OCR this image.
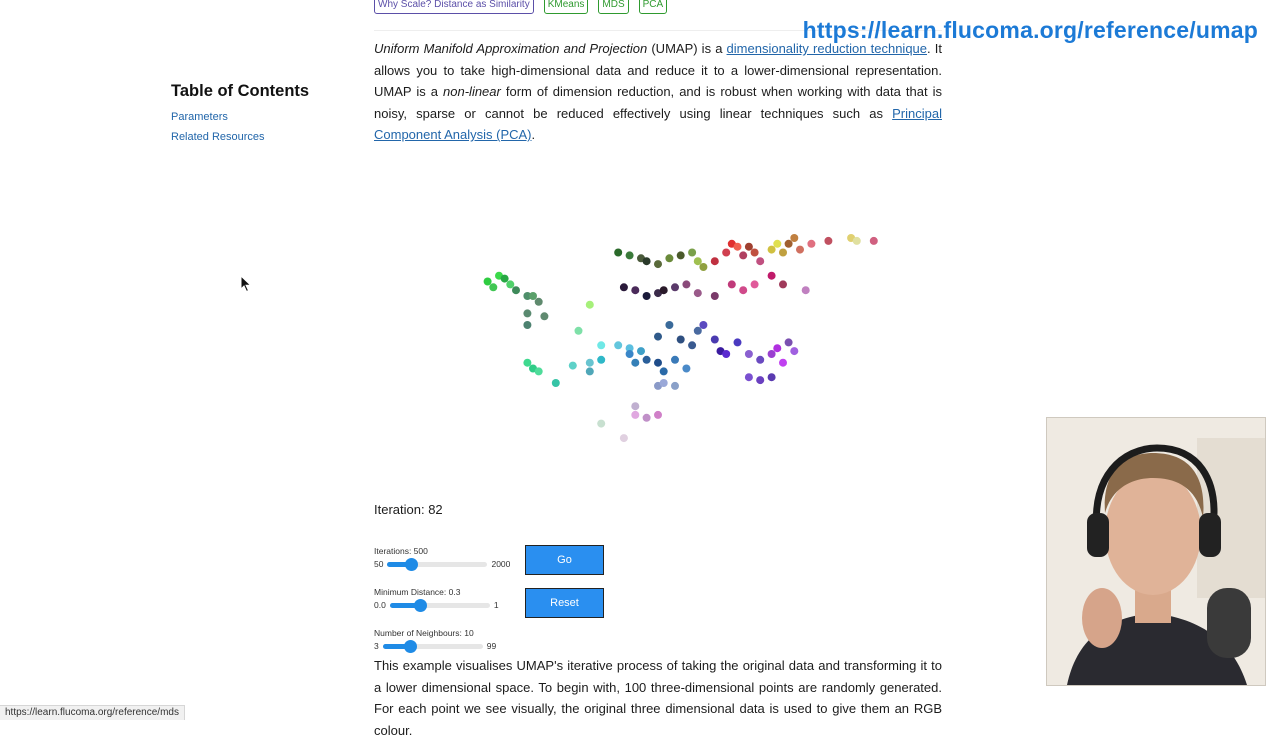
Why Scale? Distance as Similarity	KMeans	MDS	PCA
https://learn.flucoma.org/reference/umap
Table of Contents
Parameters
Related Resources
Uniform Manifold Approximation and Projection (UMAP) is a dimensionality reduction technique. It allows you to take high-dimensional data and reduce it to a lower-dimensional representation. UMAP is a non-linear form of dimension reduction, and is robust when working with data that is noisy, sparse or cannot be reduced effectively using linear techniques such as Principal Component Analysis (PCA).
Iteration: 82
Iterations: 500
50	2000
Minimum Distance: 0.3
0.0	1
Number of Neighbours: 10
3	99
Go
Reset
This example visualises UMAP's iterative process of taking the original data and transforming it to a lower dimensional space. To begin with, 100 three-dimensional points are randomly generated. For each point we see visually, the original three dimensional data is used to give them an RGB colour.
https://learn.flucoma.org/reference/mds
